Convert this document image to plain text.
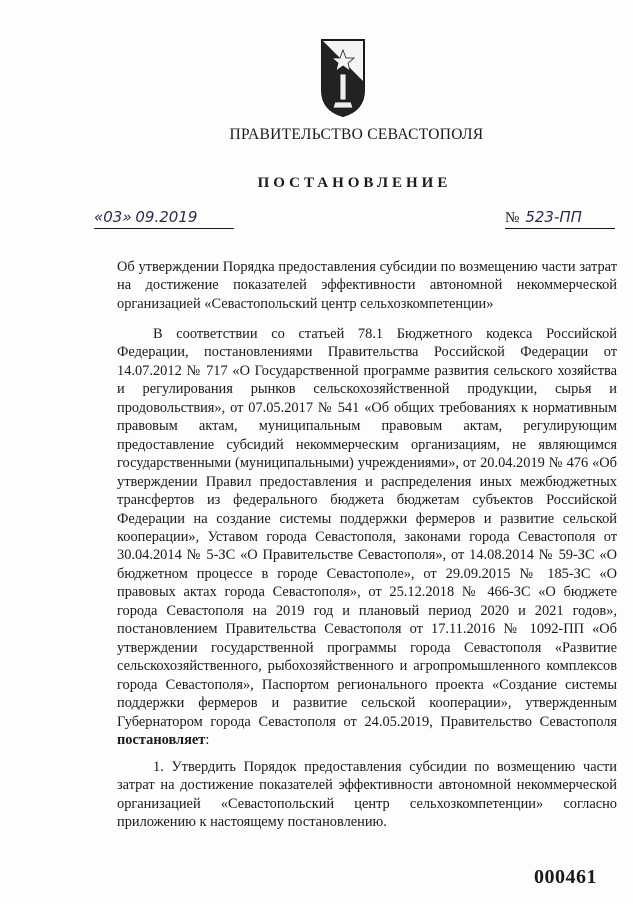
ПРАВИТЕЛЬСТВО СЕВАСТОПОЛЯ
ПОСТАНОВЛЕНИЕ
«03» 09.2019	№ 523-ПП

Об утверждении Порядка предоставления субсидии по возмещению части затрат на достижение показателей эффективности автономной некоммерческой организацией «Севастопольский центр сельхозкомпетенции»

В соответствии со статьей 78.1 Бюджетного кодекса Российской Федерации, постановлениями Правительства Российской Федерации от 14.07.2012 № 717 «О Государственной программе развития сельского хозяйства и регулирования рынков сельскохозяйственной продукции, сырья и продовольствия», от 07.05.2017 № 541 «Об общих требованиях к нормативным правовым актам, муниципальным правовым актам, регулирующим предоставление субсидий некоммерческим организациям, не являющимся государственными (муниципальными) учреждениями», от 20.04.2019 № 476 «Об утверждении Правил предоставления и распределения иных межбюджетных трансфертов из федерального бюджета бюджетам субъектов Российской Федерации на создание системы поддержки фермеров и развитие сельской кооперации», Уставом города Севастополя, законами города Севастополя от 30.04.2014 № 5-ЗС «О Правительстве Севастополя», от 14.08.2014 № 59-ЗС «О бюджетном процессе в городе Севастополе», от 29.09.2015 № 185-ЗС «О правовых актах города Севастополя», от 25.12.2018 № 466-ЗС «О бюджете города Севастополя на 2019 год и плановый период 2020 и 2021 годов», постановлением Правительства Севастополя от 17.11.2016 № 1092-ПП «Об утверждении государственной программы города Севастополя «Развитие сельскохозяйственного, рыбохозяйственного и агропромышленного комплексов города Севастополя», Паспортом регионального проекта «Создание системы поддержки фермеров и развитие сельской кооперации», утвержденным Губернатором города Севастополя от 24.05.2019, Правительство Севастополя постановляет:

1. Утвердить Порядок предоставления субсидии по возмещению части затрат на достижение показателей эффективности автономной некоммерческой организацией «Севастопольский центр сельхозкомпетенции» согласно приложению к настоящему постановлению.

000461
